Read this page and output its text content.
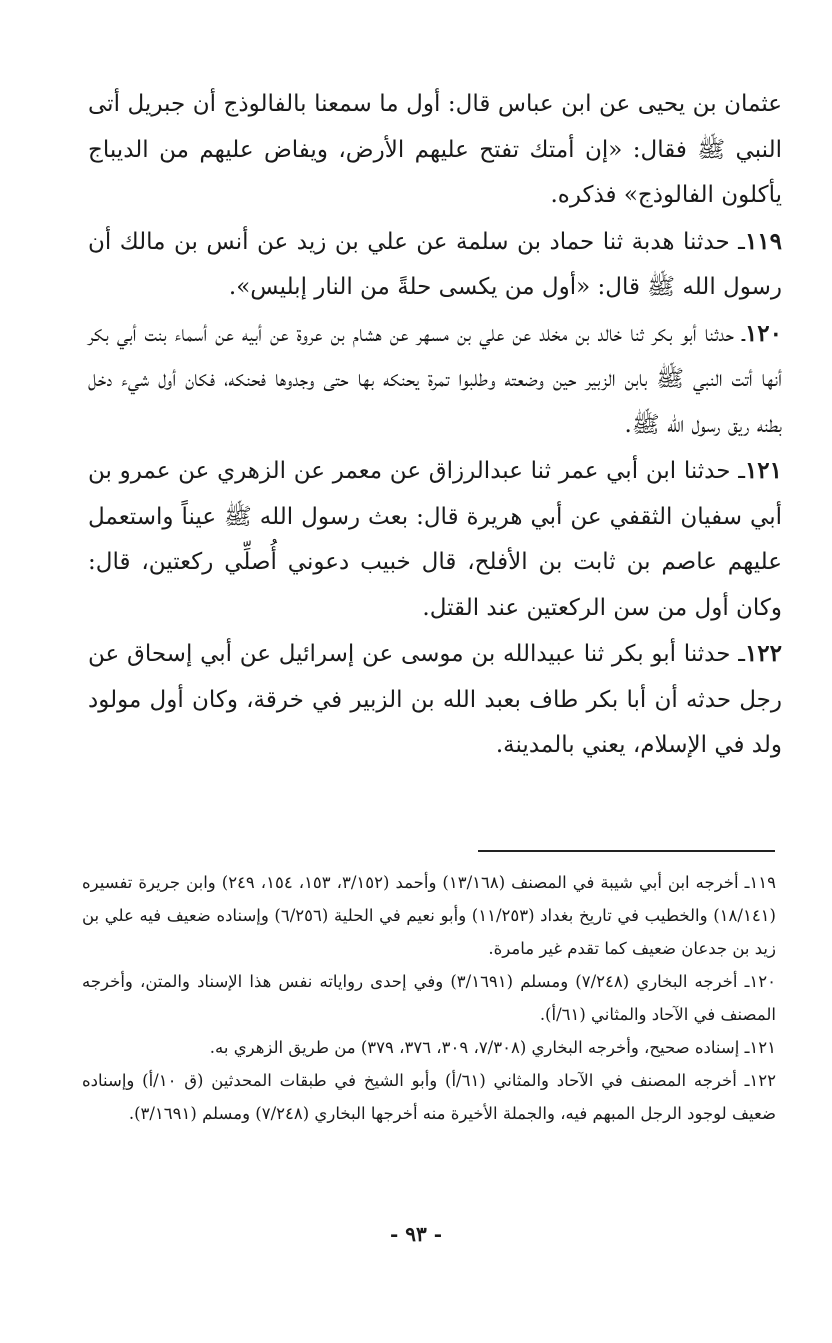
عثمان بن يحيى عن ابن عباس قال: أول ما سمعنا بالفالوذج أن جبريل أتى النبي ﷺ فقال: «إن أمتك تفتح عليهم الأرض، ويفاض عليهم من الديباج يأكلون الفالوذج» فذكره.

١١٩ـ حدثنا هدبة ثنا حماد بن سلمة عن علي بن زيد عن أنس بن مالك أن رسول الله ﷺ قال: «أول من يكسى حلةً من النار إبليس».

١٢٠ـ حدثنا أبو بكر ثنا خالد بن مخلد عن علي بن مسهر عن هشام بن عروة عن أبيه عن أسماء بنت أبي بكر أنها أتت النبي ﷺ بابن الزبير حين وضعته وطلبوا تمرة يحنكه بها حتى وجدوها فحنكه، فكان أول شيء دخل بطنه ريق رسول الله ﷺ.

١٢١ـ حدثنا ابن أبي عمر ثنا عبدالرزاق عن معمر عن الزهري عن عمرو بن أبي سفيان الثقفي عن أبي هريرة قال: بعث رسول الله ﷺ عيناً واستعمل عليهم عاصم بن ثابت بن الأفلح، قال خبيب دعوني أُصلِّي ركعتين، قال: وكان أول من سن الركعتين عند القتل.

١٢٢ـ حدثنا أبو بكر ثنا عبيدالله بن موسى عن إسرائيل عن أبي إسحاق عن رجل حدثه أن أبا بكر طاف بعبد الله بن الزبير في خرقة، وكان أول مولود ولد في الإسلام، يعني بالمدينة.

١١٩ـ أخرجه ابن أبي شيبة في المصنف (١٣/١٦٨) وأحمد (٣/١٥٢، ١٥٣، ١٥٤، ٢٤٩) وابن جريرة تفسيره (١٨/١٤١) والخطيب في تاريخ بغداد (١١/٢٥٣) وأبو نعيم في الحلية (٦/٢٥٦) وإسناده ضعيف فيه علي بن زيد بن جدعان ضعيف كما تقدم غير مامرة.

١٢٠ـ أخرجه البخاري (٧/٢٤٨) ومسلم (٣/١٦٩١) وفي إحدى رواياته نفس هذا الإسناد والمتن، وأخرجه المصنف في الآحاد والمثاني (٦١/أ).

١٢١ـ إسناده صحيح، وأخرجه البخاري (٧/٣٠٨، ٣٠٩، ٣٧٦، ٣٧٩) من طريق الزهري به.

١٢٢ـ أخرجه المصنف في الآحاد والمثاني (٦١/أ) وأبو الشيخ في طبقات المحدثين (ق ١٠/أ) وإسناده ضعيف لوجود الرجل المبهم فيه، والجملة الأخيرة منه أخرجها البخاري (٧/٢٤٨) ومسلم (٣/١٦٩١).

- ٩٣ -
